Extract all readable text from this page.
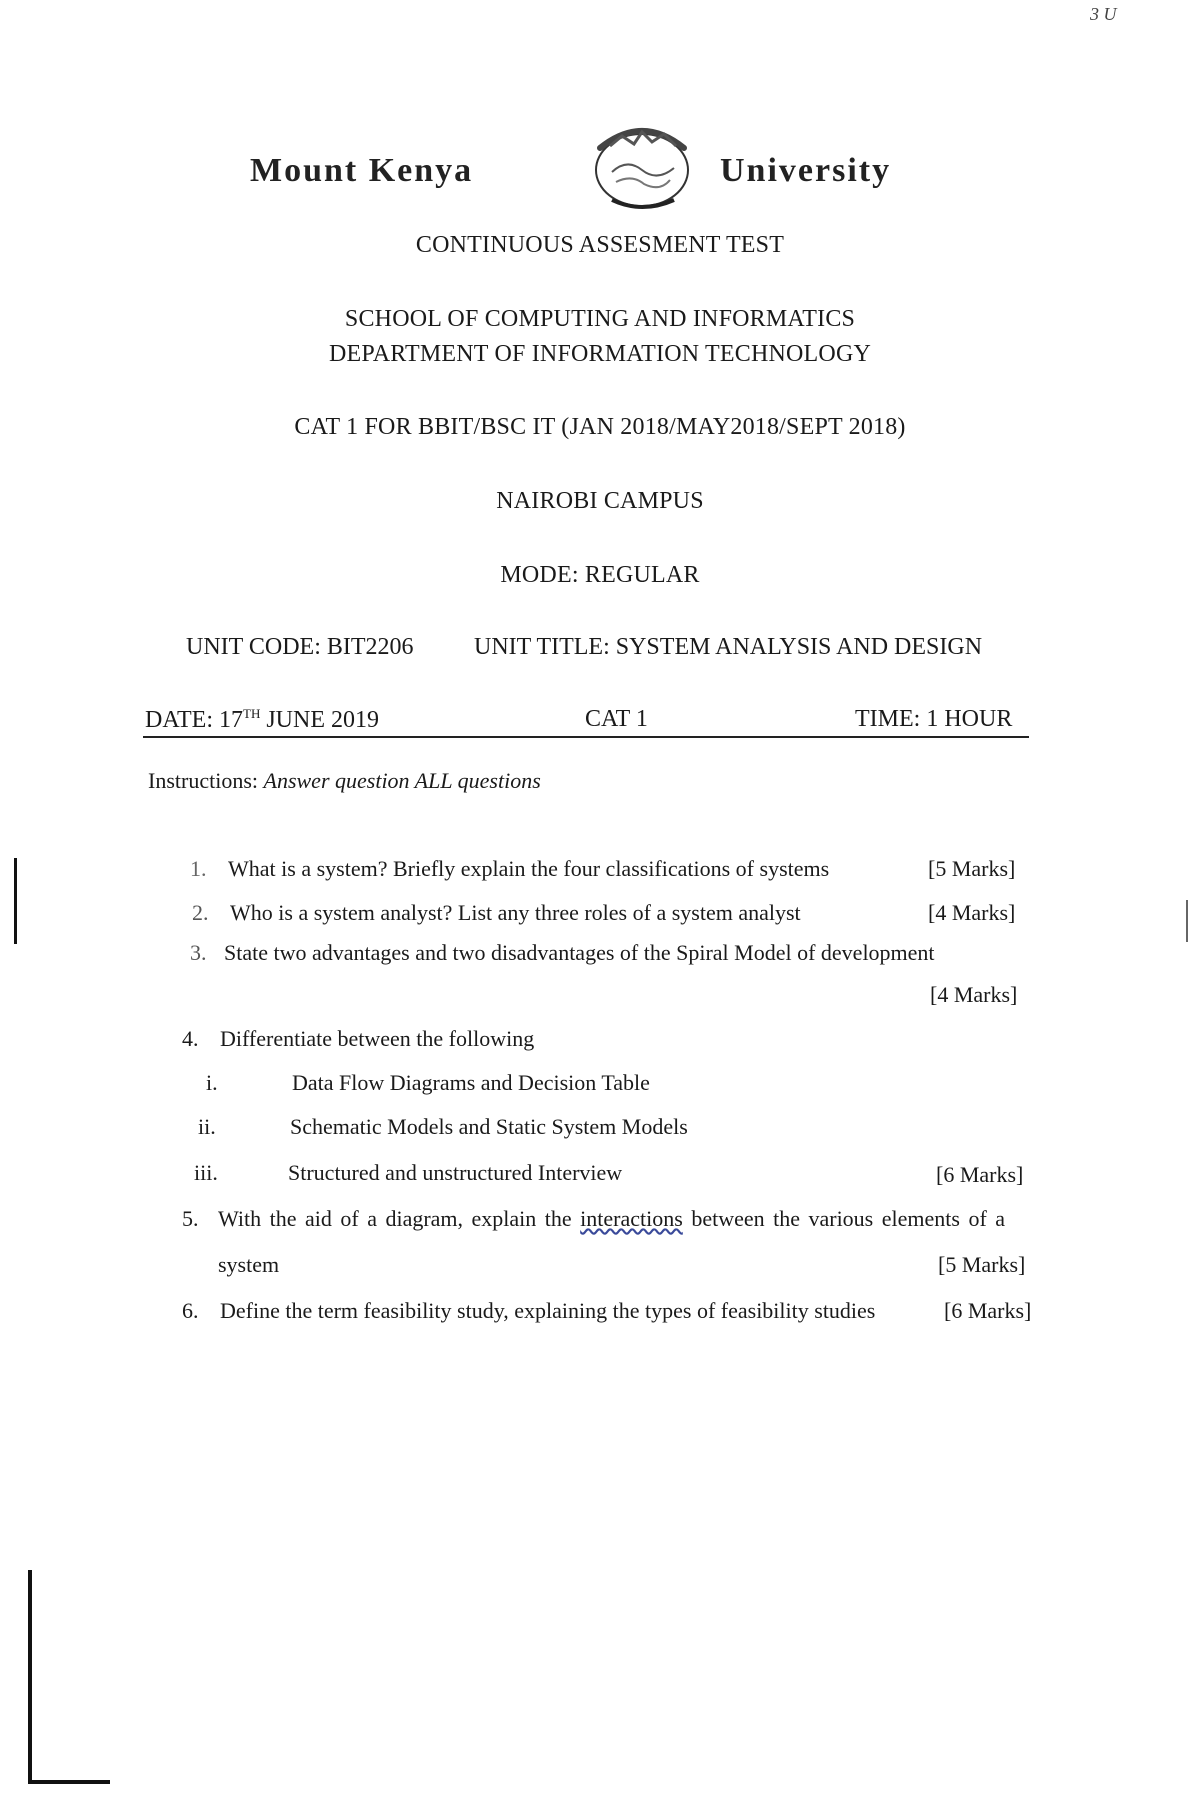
3 U
Mount Kenya	University
CONTINUOUS ASSESMENT TEST
SCHOOL OF COMPUTING AND INFORMATICS
DEPARTMENT OF INFORMATION TECHNOLOGY
CAT 1 FOR BBIT/BSC IT (JAN 2018/MAY2018/SEPT 2018)
NAIROBI CAMPUS
MODE: REGULAR
UNIT CODE: BIT2206	UNIT TITLE: SYSTEM ANALYSIS AND DESIGN
DATE: 17TH JUNE 2019	CAT 1	TIME: 1 HOUR
Instructions: Answer question ALL questions
1. What is a system? Briefly explain the four classifications of systems	[5 Marks]
2. Who is a system analyst? List any three roles of a system analyst	[4 Marks]
3. State two advantages and two disadvantages of the Spiral Model of development
[4 Marks]
4. Differentiate between the following
i.	Data Flow Diagrams and Decision Table
ii.	Schematic Models and Static System Models
iii.	Structured and unstructured Interview	[6 Marks]
5. With the aid of a diagram, explain the interactions between the various elements of a
system	[5 Marks]
6. Define the term feasibility study, explaining the types of feasibility studies	[6 Marks]
